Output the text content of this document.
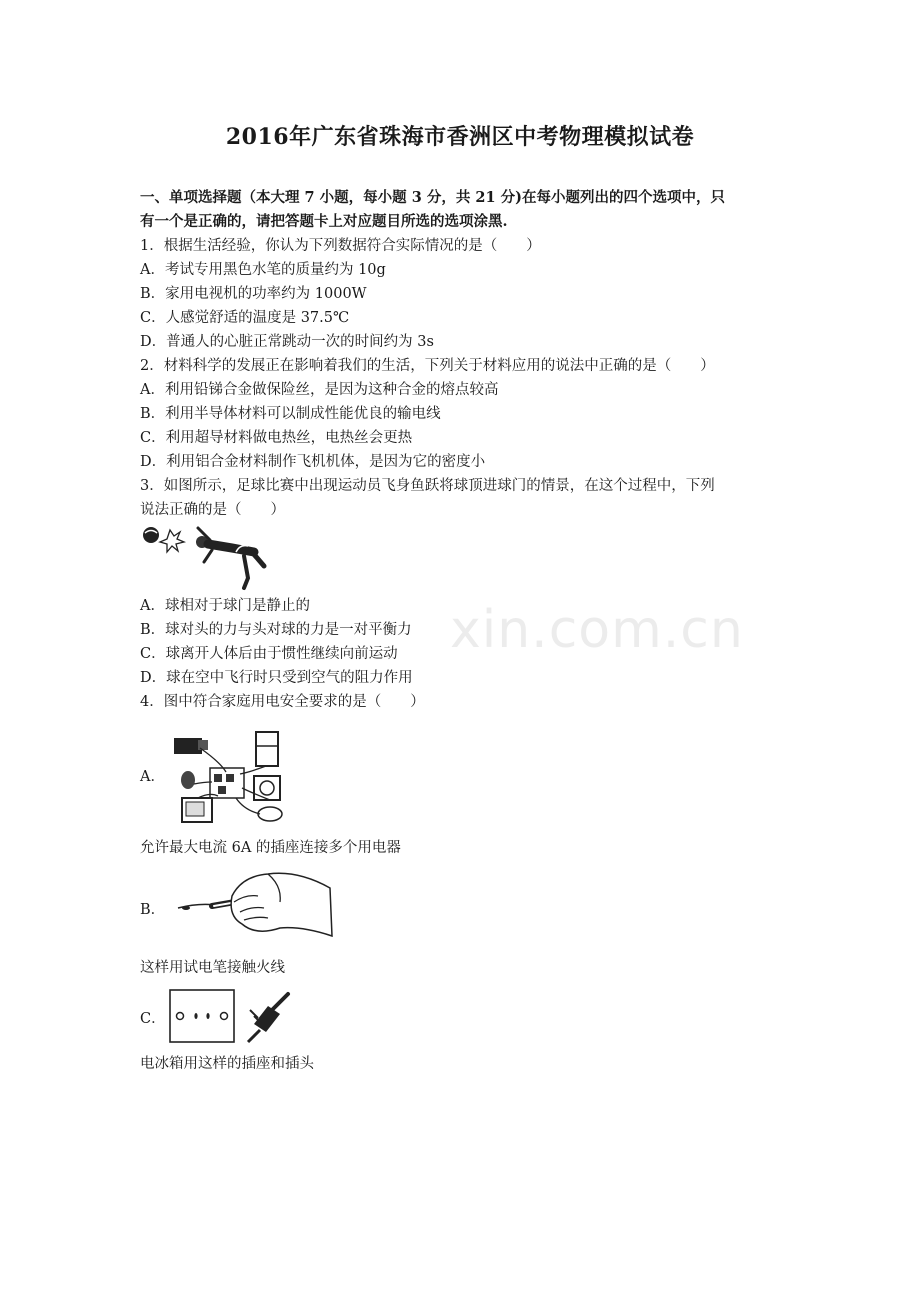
xin.com.cn
2016年广东省珠海市香洲区中考物理模拟试卷
一、单项选择题（本大理 7 小题，每小题 3 分，共 21 分)在每小题列出的四个选项中，只
有一个是正确的，请把答题卡上对应题目所选的选项涂黑.
1．根据生活经验，你认为下列数据符合实际情况的是（　　）
A．考试专用黑色水笔的质量约为 10g
B．家用电视机的功率约为 1000W
C．人感觉舒适的温度是 37.5℃
D．普通人的心脏正常跳动一次的时间约为 3s
2．材料科学的发展正在影响着我们的生活，下列关于材料应用的说法中正确的是（　　）
A．利用铅锑合金做保险丝，是因为这种合金的熔点较高
B．利用半导体材料可以制成性能优良的输电线
C．利用超导材料做电热丝，电热丝会更热
D．利用铝合金材料制作飞机机体，是因为它的密度小
3．如图所示，足球比赛中出现运动员飞身鱼跃将球顶进球门的情景，在这个过程中，下列
说法正确的是（　　）
A．球相对于球门是静止的
B．球对头的力与头对球的力是一对平衡力
C．球离开人体后由于惯性继续向前运动
D．球在空中飞行时只受到空气的阻力作用
4．图中符合家庭用电安全要求的是（　　）
A．
允许最大电流 6A 的插座连接多个用电器
B．
这样用试电笔接触火线
C．
电冰箱用这样的插座和插头
